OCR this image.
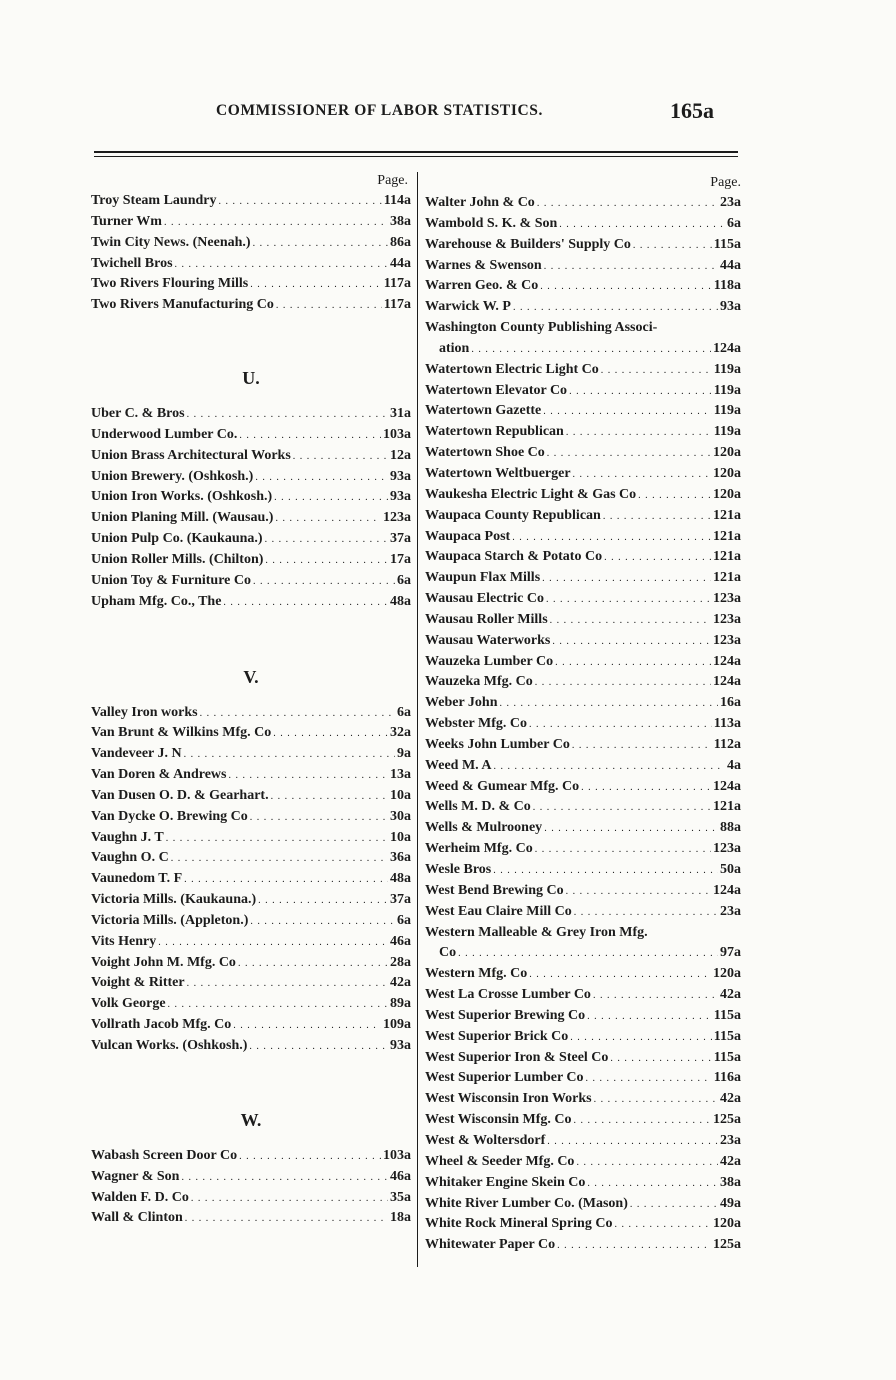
COMMISSIONER OF LABOR STATISTICS.	165a
Page.
Troy Steam Laundry . . .	114a
Turner Wm . . .	38a
Twin City News. (Neenah.) . . .	86a
Twichell Bros . . .	44a
Two Rivers Flouring Mills . . .	117a
Two Rivers Manufacturing Co . . .	117a
U.
Uber C. & Bros . . .	31a
Underwood Lumber Co. . . .	103a
Union Brass Architectural Works . . .	12a
Union Brewery. (Oshkosh.) . . .	93a
Union Iron Works. (Oshkosh.) . . .	93a
Union Planing Mill. (Wausau.) . . .	123a
Union Pulp Co. (Kaukauna.) . . .	37a
Union Roller Mills. (Chilton) . . .	17a
Union Toy & Furniture Co . . .	6a
Upham Mfg. Co., The . . .	48a
V.
Valley Iron works . . .	6a
Van Brunt & Wilkins Mfg. Co . . .	32a
Vandeveer J. N . . .	9a
Van Doren & Andrews . . .	13a
Van Dusen O. D. & Gearhart. . . .	10a
Van Dycke O. Brewing Co . . .	30a
Vaughn J. T . . .	10a
Vaughn O. C . . .	36a
Vaunedom T. F . . .	48a
Victoria Mills. (Kaukauna.) . . .	37a
Victoria Mills. (Appleton.) . . .	6a
Vits Henry . . .	46a
Voight John M. Mfg. Co . . .	28a
Voight & Ritter . . .	42a
Volk George . . .	89a
Vollrath Jacob Mfg. Co . . .	109a
Vulcan Works. (Oshkosh.) . . .	93a
W.
Wabash Screen Door Co . . .	103a
Wagner & Son . . .	46a
Walden F. D. Co . . .	35a
Wall & Clinton . . .	18a
Page.
Walter John & Co . . .	23a
Wambold S. K. & Son . . .	6a
Warehouse & Builders' Supply Co . . .	115a
Warnes & Swenson . . .	44a
Warren Geo. & Co . . .	118a
Warwick W. P . . .	93a
Washington County Publishing Associ-
ation . . .	124a
Watertown Electric Light Co . . .	119a
Watertown Elevator Co . . .	119a
Watertown Gazette . . .	119a
Watertown Republican . . .	119a
Watertown Shoe Co . . .	120a
Watertown Weltbuerger . . .	120a
Waukesha Electric Light & Gas Co . . .	120a
Waupaca County Republican . . .	121a
Waupaca Post . . .	121a
Waupaca Starch & Potato Co . . .	121a
Waupun Flax Mills . . .	121a
Wausau Electric Co . . .	123a
Wausau Roller Mills . . .	123a
Wausau Waterworks . . .	123a
Wauzeka Lumber Co . . .	124a
Wauzeka Mfg. Co . . .	124a
Weber John . . .	16a
Webster Mfg. Co . . .	113a
Weeks John Lumber Co . . .	112a
Weed M. A . . .	4a
Weed & Gumear Mfg. Co . . .	124a
Wells M. D. & Co . . .	121a
Wells & Mulrooney . . .	88a
Werheim Mfg. Co . . .	123a
Wesle Bros . . .	50a
West Bend Brewing Co . . .	124a
West Eau Claire Mill Co . . .	23a
Western Malleable & Grey Iron Mfg.
Co . . .	97a
Western Mfg. Co . . .	120a
West La Crosse Lumber Co . . .	42a
West Superior Brewing Co . . .	115a
West Superior Brick Co . . .	115a
West Superior Iron & Steel Co . . .	115a
West Superior Lumber Co . . .	116a
West Wisconsin Iron Works . . .	42a
West Wisconsin Mfg. Co . . .	125a
West & Woltersdorf . . .	23a
Wheel & Seeder Mfg. Co . . .	42a
Whitaker Engine Skein Co . . .	38a
White River Lumber Co. (Mason) . . .	49a
White Rock Mineral Spring Co . . .	120a
Whitewater Paper Co . . .	125a
